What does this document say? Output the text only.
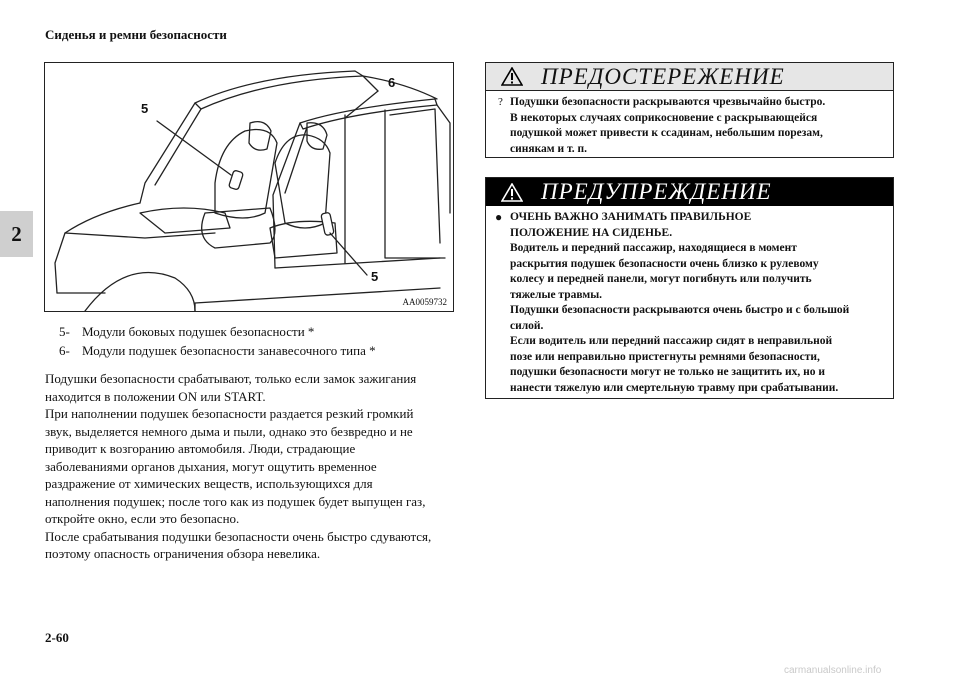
Сиденья и ремни безопасности
2
5
6
5
AA0059732
5- Модули боковых подушек безопасности *
6- Модули подушек безопасности занавесочного типа *
Подушки безопасности срабатывают, только если замок зажигания
находится в положении ON или START.
При наполнении подушек безопасности раздается резкий громкий
звук, выделяется немного дыма и пыли, однако это безвредно и не
приводит к возгоранию автомобиля. Люди, страдающие
заболеваниями органов дыхания, могут ощутить временное
раздражение от химических веществ, использующихся для
наполнения подушек; после того как из подушек будет выпущен газ,
откройте окно, если это безопасно.
После срабатывания подушки безопасности очень быстро сдуваются,
поэтому опасность ограничения обзора невелика.
ПРЕДОСТЕРЕЖЕНИЕ
? Подушки безопасности раскрываются чрезвычайно быстро.
В некоторых случаях соприкосновение с раскрывающейся
подушкой может привести к ссадинам, небольшим порезам,
синякам и т. п.
ПРЕДУПРЕЖДЕНИЕ
● ОЧЕНЬ ВАЖНО ЗАНИМАТЬ ПРАВИЛЬНОЕ
ПОЛОЖЕНИЕ НА СИДЕНЬЕ.
Водитель и передний пассажир, находящиеся в момент
раскрытия подушек безопасности очень близко к рулевому
колесу и передней панели, могут погибнуть или получить
тяжелые травмы.
Подушки безопасности раскрываются очень быстро и с большой
силой.
Если водитель или передний пассажир сидят в неправильной
позе или неправильно пристегнуты ремнями безопасности,
подушки безопасности могут не только не защитить их, но и
нанести тяжелую или смертельную травму при срабатывании.
2-60
carmanualsonline.info
